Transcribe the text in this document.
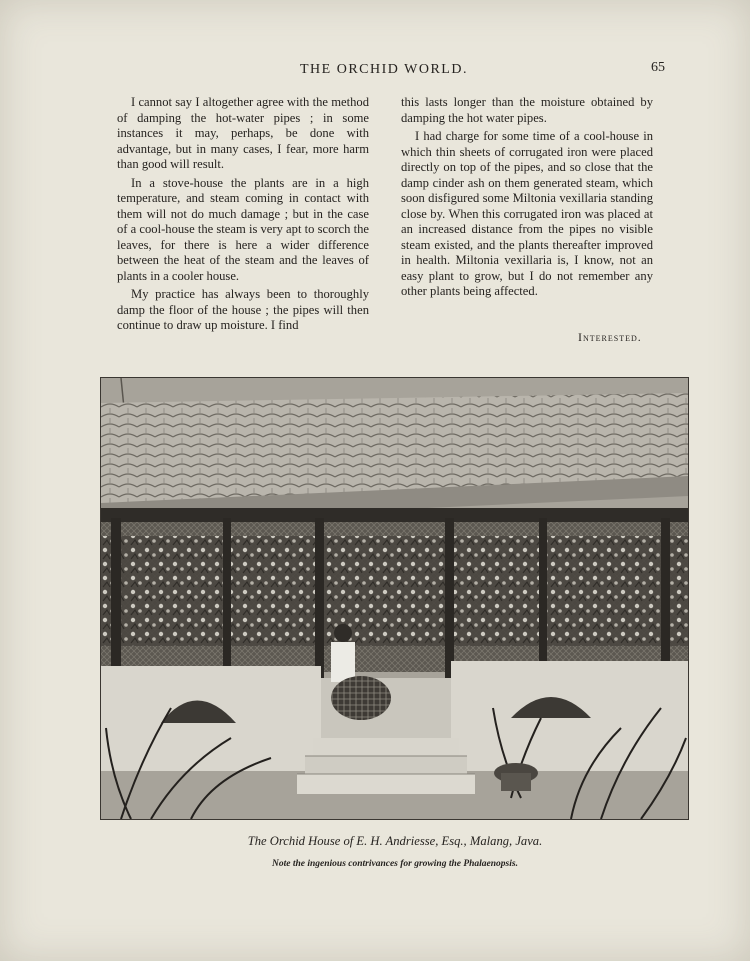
THE ORCHID WORLD.	65

I cannot say I altogether agree with the method of damping the hot-water pipes ; in some instances it may, perhaps, be done with advantage, but in many cases, I fear, more harm than good will result.

In a stove-house the plants are in a high temperature, and steam coming in contact with them will not do much damage ; but in the case of a cool-house the steam is very apt to scorch the leaves, for there is here a wider difference between the heat of the steam and the leaves of plants in a cooler house.

My practice has always been to thoroughly damp the floor of the house ; the pipes will then continue to draw up moisture. I find

this lasts longer than the moisture obtained by damping the hot water pipes.

I had charge for some time of a cool-house in which thin sheets of corrugated iron were placed directly on top of the pipes, and so close that the damp cinder ash on them generated steam, which soon disfigured some Miltonia vexillaria standing close by. When this corrugated iron was placed at an increased distance from the pipes no visible steam existed, and the plants thereafter improved in health. Miltonia vexillaria is, I know, not an easy plant to grow, but I do not remember any other plants being affected.

Interested.
The Orchid House of E. H. Andriesse, Esq., Malang, Java.
Note the ingenious contrivances for growing the Phalaenopsis.
